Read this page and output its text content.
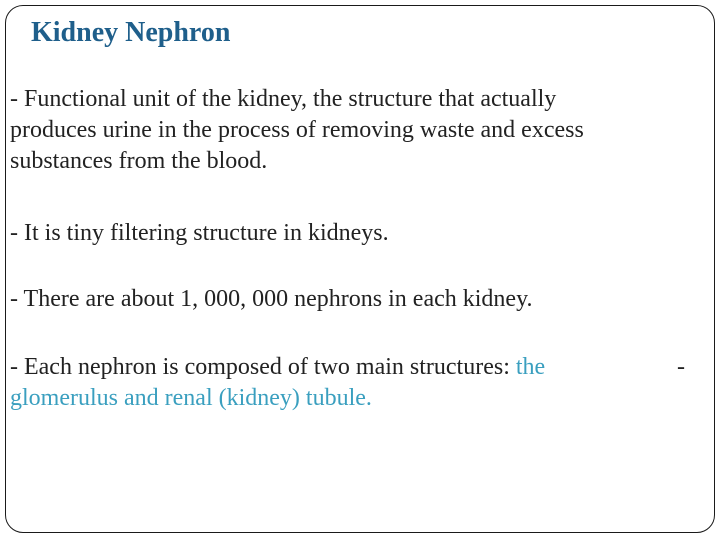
Kidney Nephron
- Functional unit of the kidney, the structure that actually
produces urine in the process of removing waste and excess
substances from the blood.
- It is tiny filtering structure in kidneys.
- There are about 1, 000, 000 nephrons in each kidney.
- Each nephron is composed of two main structures: the	-
glomerulus and renal (kidney) tubule.
